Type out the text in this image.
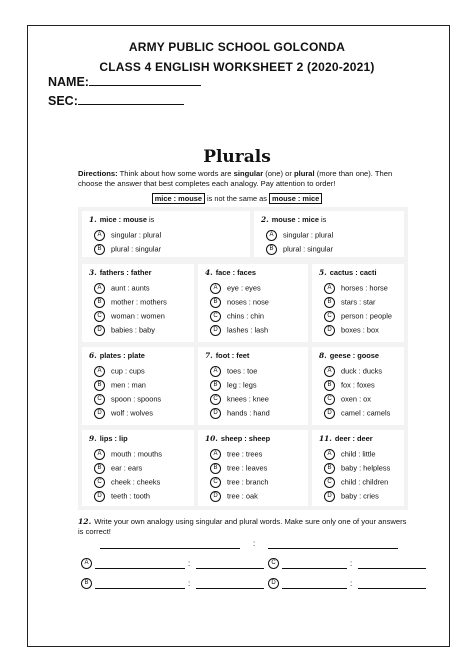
ARMY PUBLIC SCHOOL GOLCONDA
CLASS 4 ENGLISH WORKSHEET 2 (2020-2021)
NAME:
SEC:
Plurals
Directions: Think about how some words are singular (one) or plural (more than one). Then choose the answer that best completes each analogy. Pay attention to order!
mice : mouse is not the same as mouse : mice
1. mice : mouse is
A singular : plural
B plural : singular
2. mouse : mice is
A singular : plural
B plural : singular
3. fathers : father
A aunt : aunts
B mother : mothers
C woman : women
D babies : baby
4. face : faces
A eye : eyes
B noses : nose
C chins : chin
D lashes : lash
5. cactus : cacti
A horses : horse
B stars : star
C person : people
D boxes : box
6. plates : plate
A cup : cups
B men : man
C spoon : spoons
D wolf : wolves
7. foot : feet
A toes : toe
B leg : legs
C knees : knee
D hands : hand
8. geese : goose
A duck : ducks
B fox : foxes
C oxen : ox
D camel : camels
9. lips : lip
A mouth : mouths
B ear : ears
C cheek : cheeks
D teeth : tooth
10. sheep : sheep
A tree : trees
B tree : leaves
C tree : branch
D tree : oak
11. deer : deer
A child : little
B baby : helpless
C child : children
D baby : cries
12. Write your own analogy using singular and plural words. Make sure only one of your answers is correct!
:
A	:	C	:
B	:	D	:
